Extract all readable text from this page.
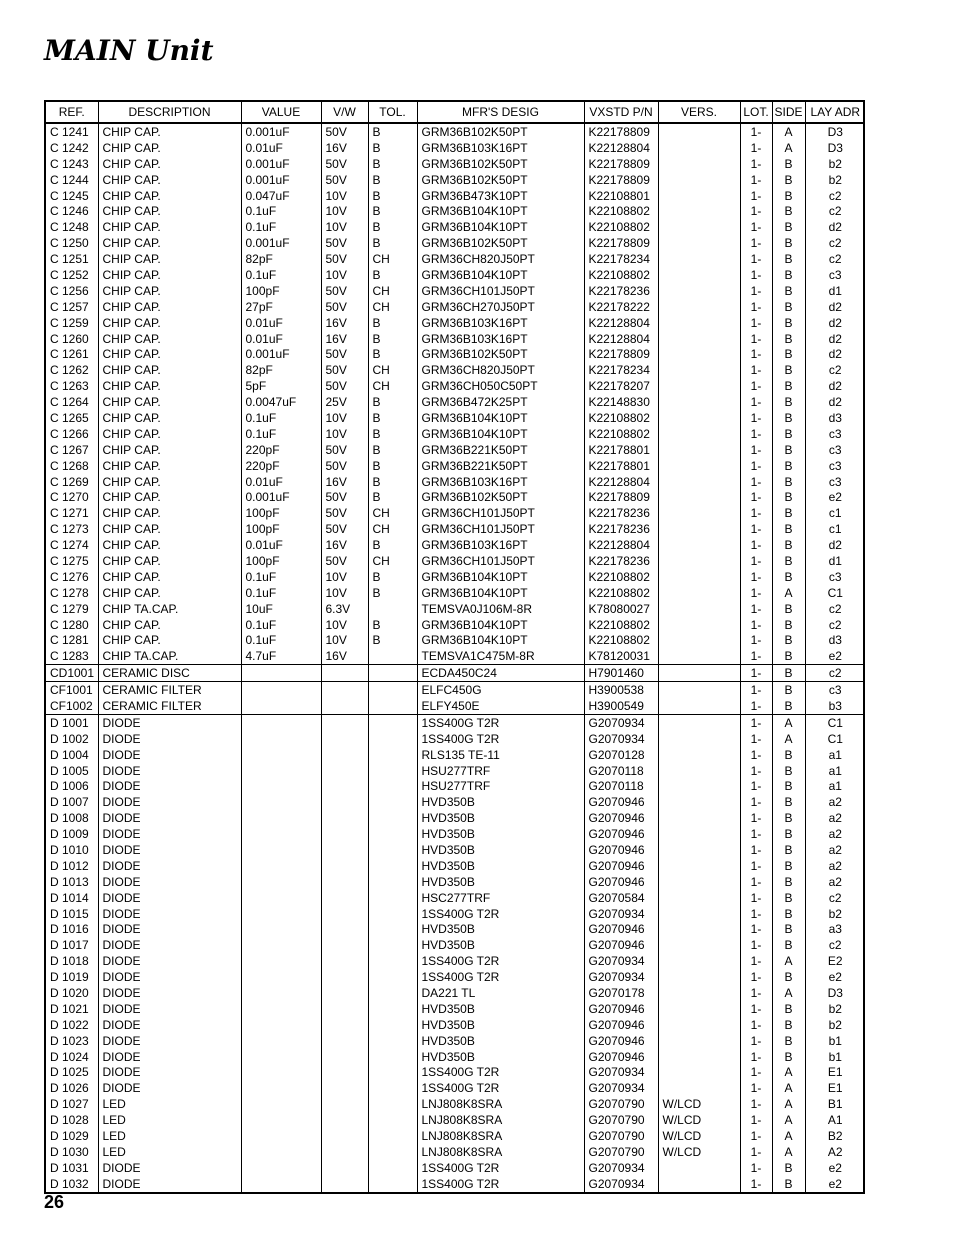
MAIN Unit
REF.	DESCRIPTION	VALUE	V/W	TOL.	MFR'S DESIG	VXSTD P/N	VERS.	LOT.	SIDE	LAY ADR
C 1241	CHIP CAP.	0.001uF	50V	B	GRM36B102K50PT	K22178809		1-	A	D3
C 1242	CHIP CAP.	0.01uF	16V	B	GRM36B103K16PT	K22128804		1-	A	D3
C 1243	CHIP CAP.	0.001uF	50V	B	GRM36B102K50PT	K22178809		1-	B	b2
C 1244	CHIP CAP.	0.001uF	50V	B	GRM36B102K50PT	K22178809		1-	B	b2
C 1245	CHIP CAP.	0.047uF	10V	B	GRM36B473K10PT	K22108801		1-	B	c2
C 1246	CHIP CAP.	0.1uF	10V	B	GRM36B104K10PT	K22108802		1-	B	c2
C 1248	CHIP CAP.	0.1uF	10V	B	GRM36B104K10PT	K22108802		1-	B	d2
C 1250	CHIP CAP.	0.001uF	50V	B	GRM36B102K50PT	K22178809		1-	B	c2
C 1251	CHIP CAP.	82pF	50V	CH	GRM36CH820J50PT	K22178234		1-	B	c2
C 1252	CHIP CAP.	0.1uF	10V	B	GRM36B104K10PT	K22108802		1-	B	c3
C 1256	CHIP CAP.	100pF	50V	CH	GRM36CH101J50PT	K22178236		1-	B	d1
C 1257	CHIP CAP.	27pF	50V	CH	GRM36CH270J50PT	K22178222		1-	B	d2
C 1259	CHIP CAP.	0.01uF	16V	B	GRM36B103K16PT	K22128804		1-	B	d2
C 1260	CHIP CAP.	0.01uF	16V	B	GRM36B103K16PT	K22128804		1-	B	d2
C 1261	CHIP CAP.	0.001uF	50V	B	GRM36B102K50PT	K22178809		1-	B	d2
C 1262	CHIP CAP.	82pF	50V	CH	GRM36CH820J50PT	K22178234		1-	B	c2
C 1263	CHIP CAP.	5pF	50V	CH	GRM36CH050C50PT	K22178207		1-	B	d2
C 1264	CHIP CAP.	0.0047uF	25V	B	GRM36B472K25PT	K22148830		1-	B	d2
C 1265	CHIP CAP.	0.1uF	10V	B	GRM36B104K10PT	K22108802		1-	B	d3
C 1266	CHIP CAP.	0.1uF	10V	B	GRM36B104K10PT	K22108802		1-	B	c3
C 1267	CHIP CAP.	220pF	50V	B	GRM36B221K50PT	K22178801		1-	B	c3
C 1268	CHIP CAP.	220pF	50V	B	GRM36B221K50PT	K22178801		1-	B	c3
C 1269	CHIP CAP.	0.01uF	16V	B	GRM36B103K16PT	K22128804		1-	B	c3
C 1270	CHIP CAP.	0.001uF	50V	B	GRM36B102K50PT	K22178809		1-	B	e2
C 1271	CHIP CAP.	100pF	50V	CH	GRM36CH101J50PT	K22178236		1-	B	c1
C 1273	CHIP CAP.	100pF	50V	CH	GRM36CH101J50PT	K22178236		1-	B	c1
C 1274	CHIP CAP.	0.01uF	16V	B	GRM36B103K16PT	K22128804		1-	B	d2
C 1275	CHIP CAP.	100pF	50V	CH	GRM36CH101J50PT	K22178236		1-	B	d1
C 1276	CHIP CAP.	0.1uF	10V	B	GRM36B104K10PT	K22108802		1-	B	c3
C 1278	CHIP CAP.	0.1uF	10V	B	GRM36B104K10PT	K22108802		1-	A	C1
C 1279	CHIP TA.CAP.	10uF	6.3V		TEMSVA0J106M-8R	K78080027		1-	B	c2
C 1280	CHIP CAP.	0.1uF	10V	B	GRM36B104K10PT	K22108802		1-	B	c2
C 1281	CHIP CAP.	0.1uF	10V	B	GRM36B104K10PT	K22108802		1-	B	d3
C 1283	CHIP TA.CAP.	4.7uF	16V		TEMSVA1C475M-8R	K78120031		1-	B	e2
CD1001	CERAMIC DISC				ECDA450C24	H7901460		1-	B	c2
CF1001	CERAMIC FILTER				ELFC450G	H3900538		1-	B	c3
CF1002	CERAMIC FILTER				ELFY450E	H3900549		1-	B	b3
D 1001	DIODE				1SS400G T2R	G2070934		1-	A	C1
D 1002	DIODE				1SS400G T2R	G2070934		1-	A	C1
D 1004	DIODE				RLS135 TE-11	G2070128		1-	B	a1
D 1005	DIODE				HSU277TRF	G2070118		1-	B	a1
D 1006	DIODE				HSU277TRF	G2070118		1-	B	a1
D 1007	DIODE				HVD350B	G2070946		1-	B	a2
D 1008	DIODE				HVD350B	G2070946		1-	B	a2
D 1009	DIODE				HVD350B	G2070946		1-	B	a2
D 1010	DIODE				HVD350B	G2070946		1-	B	a2
D 1012	DIODE				HVD350B	G2070946		1-	B	a2
D 1013	DIODE				HVD350B	G2070946		1-	B	a2
D 1014	DIODE				HSC277TRF	G2070584		1-	B	c2
D 1015	DIODE				1SS400G T2R	G2070934		1-	B	b2
D 1016	DIODE				HVD350B	G2070946		1-	B	a3
D 1017	DIODE				HVD350B	G2070946		1-	B	c2
D 1018	DIODE				1SS400G T2R	G2070934		1-	A	E2
D 1019	DIODE				1SS400G T2R	G2070934		1-	B	e2
D 1020	DIODE				DA221 TL	G2070178		1-	A	D3
D 1021	DIODE				HVD350B	G2070946		1-	B	b2
D 1022	DIODE				HVD350B	G2070946		1-	B	b2
D 1023	DIODE				HVD350B	G2070946		1-	B	b1
D 1024	DIODE				HVD350B	G2070946		1-	B	b1
D 1025	DIODE				1SS400G T2R	G2070934		1-	A	E1
D 1026	DIODE				1SS400G T2R	G2070934		1-	A	E1
D 1027	LED				LNJ808K8SRA	G2070790	W/LCD	1-	A	B1
D 1028	LED				LNJ808K8SRA	G2070790	W/LCD	1-	A	A1
D 1029	LED				LNJ808K8SRA	G2070790	W/LCD	1-	A	B2
D 1030	LED				LNJ808K8SRA	G2070790	W/LCD	1-	A	A2
D 1031	DIODE				1SS400G T2R	G2070934		1-	B	e2
D 1032	DIODE				1SS400G T2R	G2070934		1-	B	e2
26
